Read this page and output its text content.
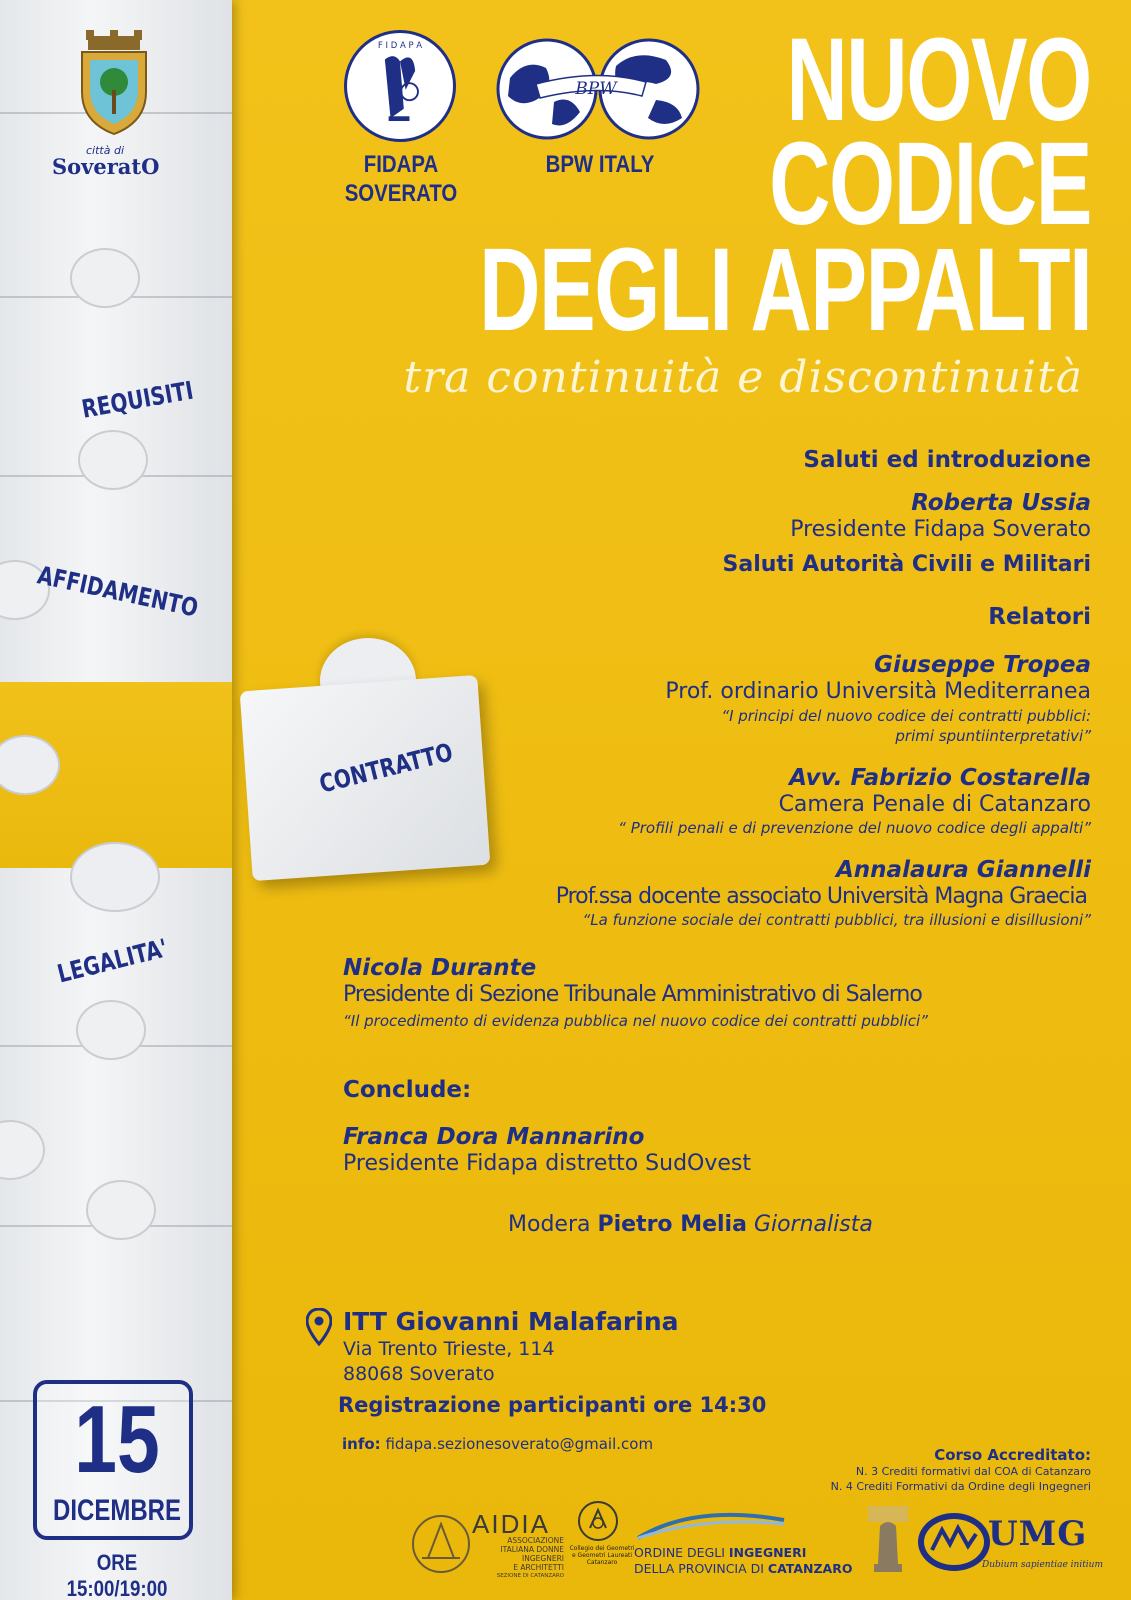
REQUISITI
AFFIDAMENTO
CONTRATTO
LEGALITA'
città di
SoveratO
F I D A P A
FIDAPA
SOVERATO
BPW
BPW ITALY
NUOVO
CODICE
DEGLI APPALTI
tra continuità e discontinuità
Saluti ed introduzione
Roberta Ussia
Presidente Fidapa Soverato
Saluti Autorità Civili e Militari
Relatori
Giuseppe Tropea
Prof. ordinario Università Mediterranea
“I principi del nuovo codice dei contratti pubblici:
primi spuntiinterpretativi”
Avv. Fabrizio Costarella
Camera Penale di Catanzaro
“ Profili penali e di prevenzione del nuovo codice degli appalti”
Annalaura Giannelli
Prof.ssa docente associato Università Magna Graecia
“La funzione sociale dei contratti pubblici, tra illusioni e disillusioni”
Nicola Durante
Presidente di Sezione Tribunale Amministrativo di Salerno
“Il procedimento di evidenza pubblica nel nuovo codice dei contratti pubblici”
Conclude:
Franca Dora Mannarino
Presidente Fidapa distretto SudOvest
Modera Pietro Melia Giornalista
ITT Giovanni Malafarina
Via Trento Trieste, 114
88068 Soverato
Registrazione participanti ore 14:30
info: fidapa.sezionesoverato@gmail.com
15
DICEMBRE
ORE 15:00/19:00
Corso Accreditato:
N. 3 Crediti formativi dal COA di Catanzaro
N. 4 Crediti Formativi da Ordine degli Ingegneri
AIDIA
ASSOCIAZIONE
ITALIANA DONNE
INGEGNERI
E ARCHITETTI
SEZIONE DI CATANZARO
Collegio dei Geometri
e Geometri Laureati
Catanzaro
ORDINE DEGLI INGEGNERI
DELLA PROVINCIA DI CATANZARO
UMG
Dubium sapientiae initium
